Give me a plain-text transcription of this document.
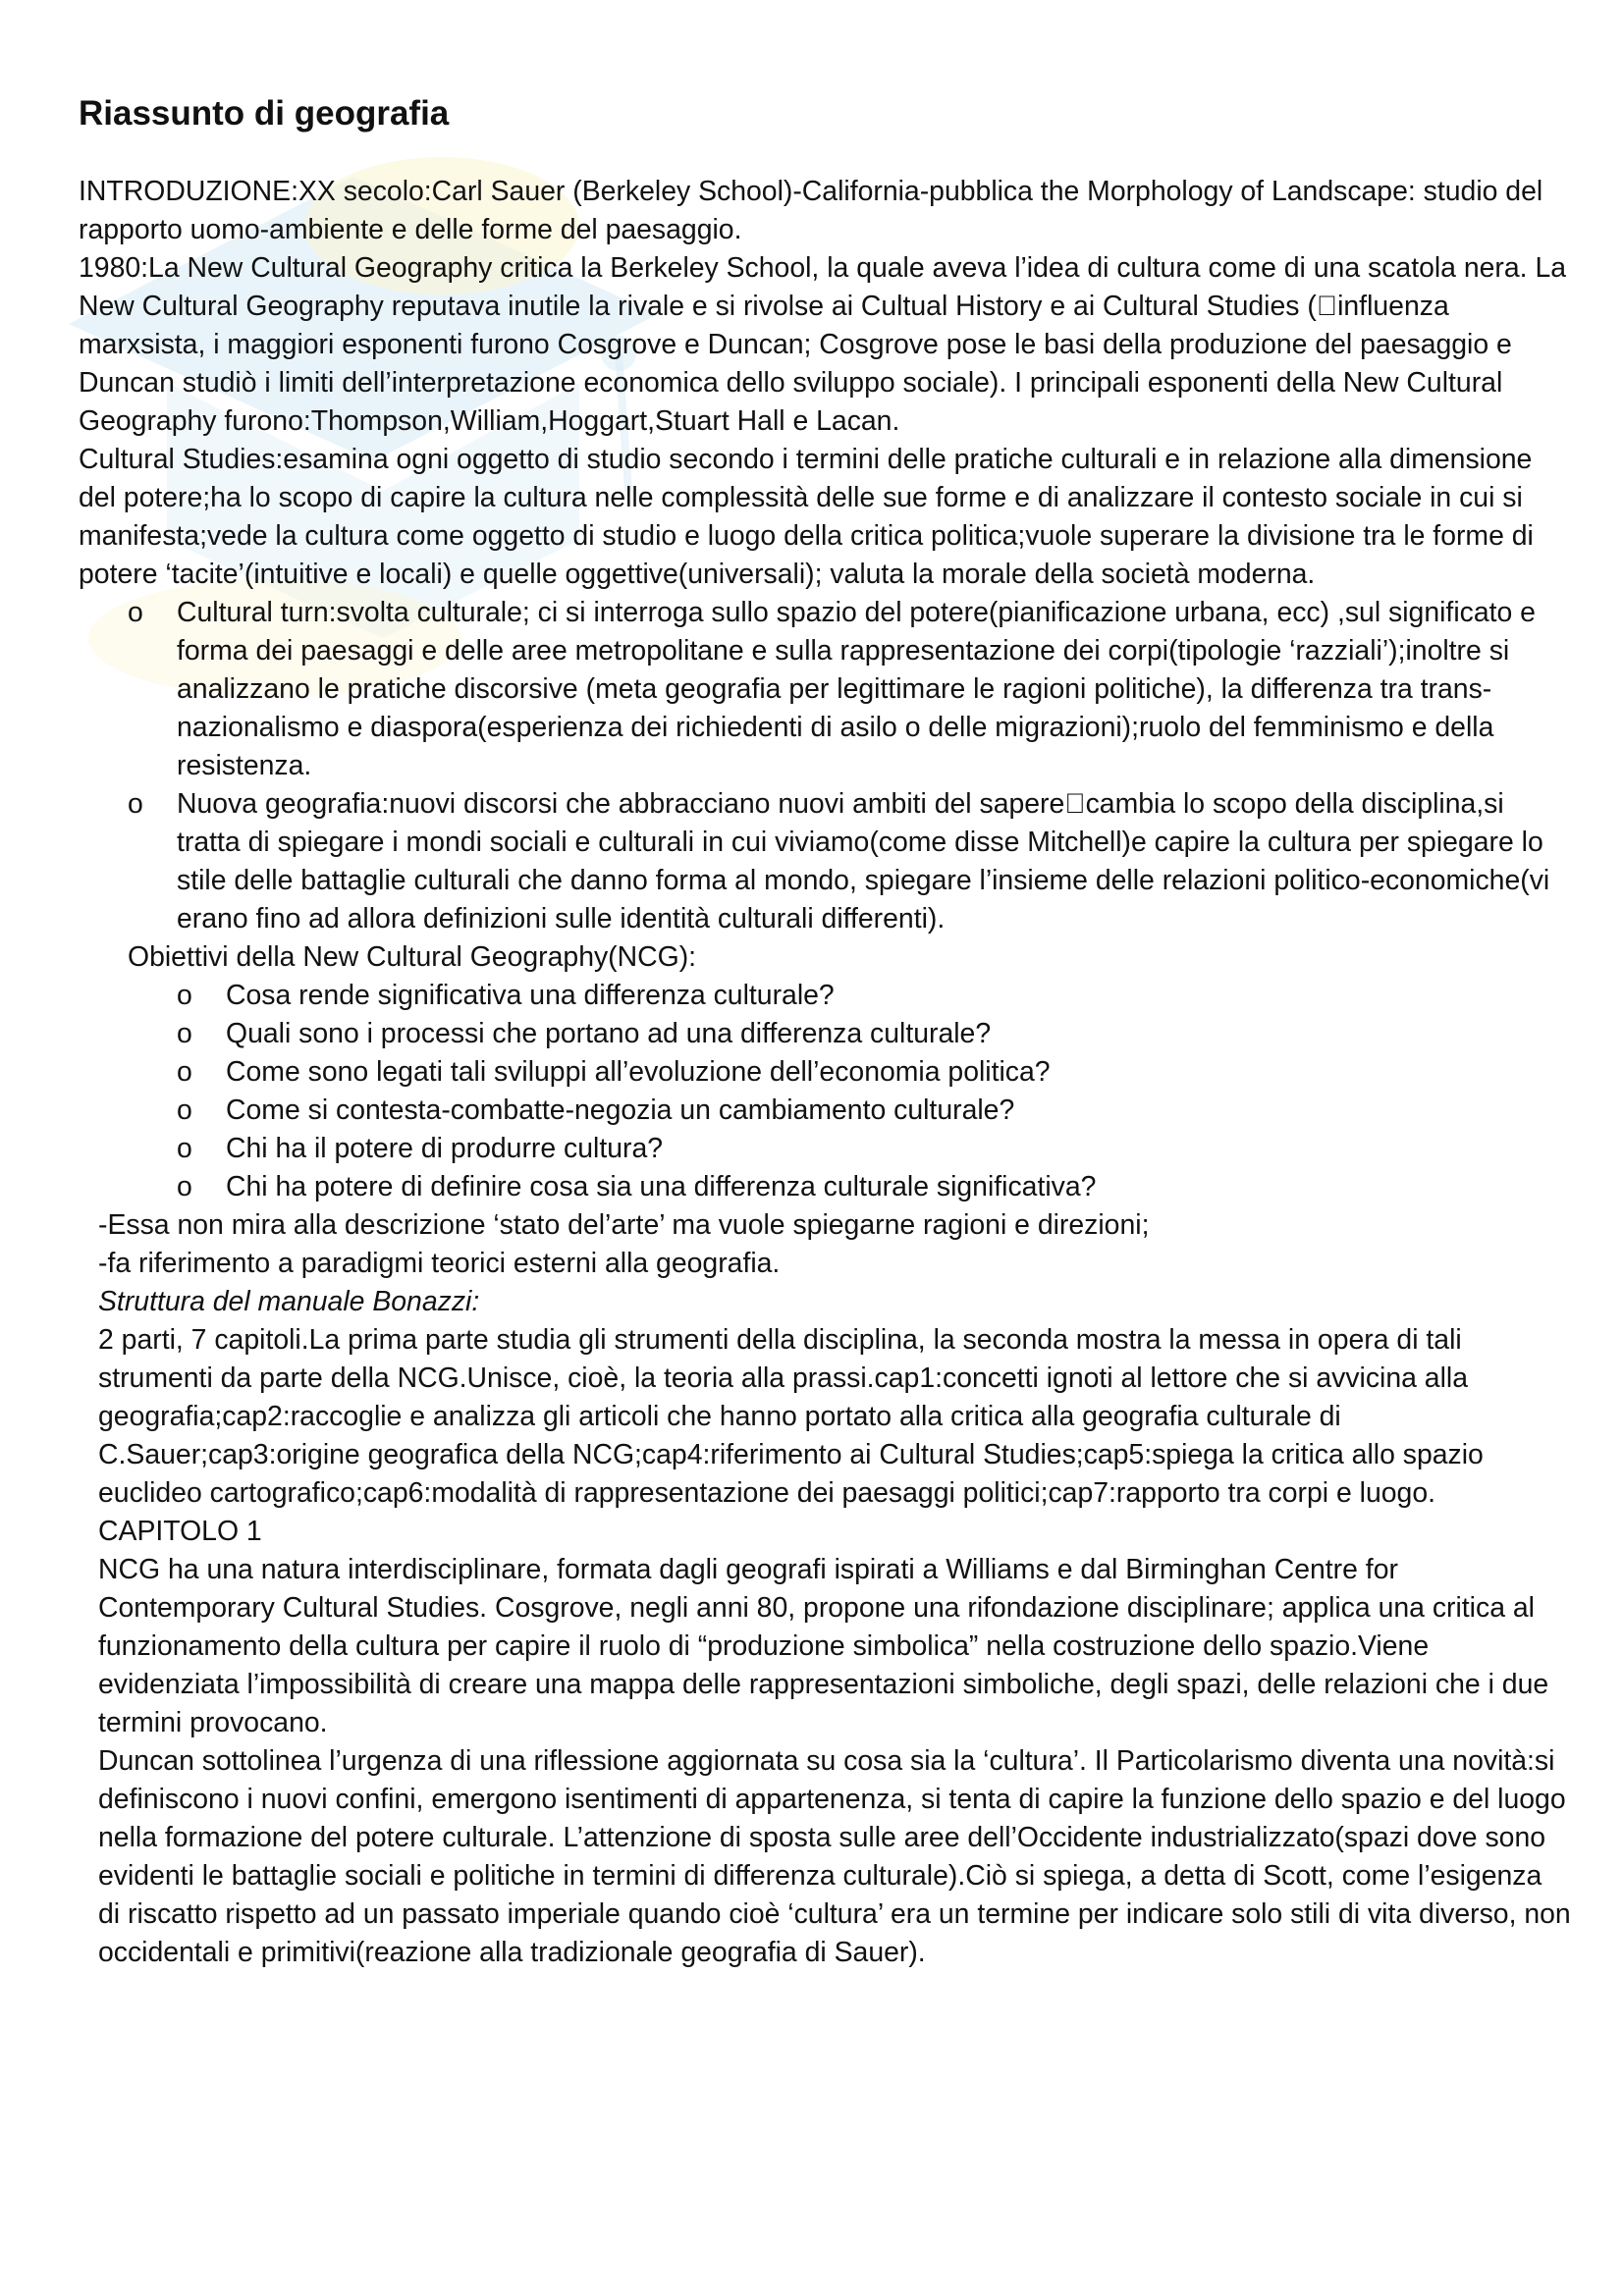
Riassunto di geografia

INTRODUZIONE:XX secolo:Carl Sauer (Berkeley School)-California-pubblica the Morphology of Landscape: studio del rapporto uomo-ambiente e delle forme del paesaggio.

1980:La New Cultural Geography critica la Berkeley School, la quale aveva l’idea di cultura come di una scatola nera. La New Cultural Geography reputava inutile la rivale e si rivolse ai Cultual History e ai Cultural Studies ( influenza marxsista, i maggiori esponenti furono Cosgrove e Duncan; Cosgrove pose le basi della produzione del paesaggio e Duncan studiò i limiti dell’interpretazione economica dello sviluppo sociale). I principali esponenti della New Cultural Geography furono:Thompson,William,Hoggart,Stuart Hall e Lacan.

Cultural Studies:esamina ogni oggetto di studio secondo i termini delle pratiche culturali e in relazione alla dimensione del potere;ha lo scopo di capire la cultura nelle complessità delle sue forme e di analizzare il contesto sociale in cui si manifesta;vede la cultura come oggetto di studio e luogo della critica politica;vuole superare la divisione tra le forme di potere ‘tacite’(intuitive e locali) e quelle oggettive(universali); valuta la morale della società moderna.

o Cultural turn:svolta culturale; ci si interroga sullo spazio del potere(pianificazione urbana, ecc) ,sul significato e forma dei paesaggi e delle aree metropolitane e sulla rappresentazione dei corpi(tipologie ‘razziali’);inoltre si analizzano le pratiche discorsive (meta geografia per legittimare le ragioni politiche), la differenza tra trans-nazionalismo e diaspora(esperienza dei richiedenti di asilo o delle migrazioni);ruolo del femminismo e della resistenza.
o Nuova geografia:nuovi discorsi che abbracciano nuovi ambiti del sapere cambia lo scopo della disciplina,si tratta di spiegare i mondi sociali e culturali in cui viviamo(come disse Mitchell)e capire la cultura per spiegare lo stile delle battaglie culturali che danno forma al mondo, spiegare l’insieme delle relazioni politico-economiche(vi erano fino ad allora definizioni sulle identità culturali differenti).

Obiettivi della New Cultural Geography(NCG):

o Cosa rende significativa una differenza culturale?
o Quali sono i processi che portano ad una differenza culturale?
o Come sono legati tali sviluppi all’evoluzione dell’economia politica?
o Come si contesta-combatte-negozia un cambiamento culturale?
o Chi ha il potere di produrre cultura?
o Chi ha potere di definire cosa sia una differenza culturale significativa?

-Essa non mira alla descrizione ‘stato del’arte’ ma vuole spiegarne ragioni e direzioni;

-fa riferimento a paradigmi teorici esterni alla geografia.

Struttura del manuale Bonazzi:

2 parti, 7 capitoli.La prima parte studia gli strumenti della disciplina, la seconda mostra la messa in opera di tali strumenti da parte della NCG.Unisce, cioè, la teoria alla prassi.cap1:concetti ignoti al lettore che si avvicina alla geografia;cap2:raccoglie e analizza gli articoli che hanno portato alla critica alla geografia culturale di C.Sauer;cap3:origine geografica della NCG;cap4:riferimento ai Cultural Studies;cap5:spiega la critica allo spazio euclideo cartografico;cap6:modalità di rappresentazione dei paesaggi politici;cap7:rapporto tra corpi e luogo.

CAPITOLO 1

NCG ha una natura interdisciplinare, formata dagli geografi ispirati a Williams e dal Birminghan Centre for Contemporary Cultural Studies. Cosgrove, negli anni 80, propone una rifondazione disciplinare; applica una critica al funzionamento della cultura per capire il ruolo di “produzione simbolica” nella costruzione dello spazio.Viene evidenziata l’impossibilità di creare una mappa delle rappresentazioni simboliche, degli spazi, delle relazioni che i due termini provocano.

Duncan sottolinea l’urgenza di una riflessione aggiornata su cosa sia la ‘cultura’. Il Particolarismo diventa una novità:si definiscono i nuovi confini, emergono isentimenti di appartenenza, si tenta di capire la funzione dello spazio e del luogo nella formazione del potere culturale. L’attenzione di sposta sulle aree dell’Occidente industrializzato(spazi dove sono evidenti le battaglie sociali e politiche in termini di differenza culturale).Ciò si spiega, a detta di Scott, come l’esigenza di riscatto rispetto ad un passato imperiale quando cioè ‘cultura’ era un termine per indicare solo stili di vita diverso, non occidentali e primitivi(reazione alla tradizionale geografia di Sauer).
